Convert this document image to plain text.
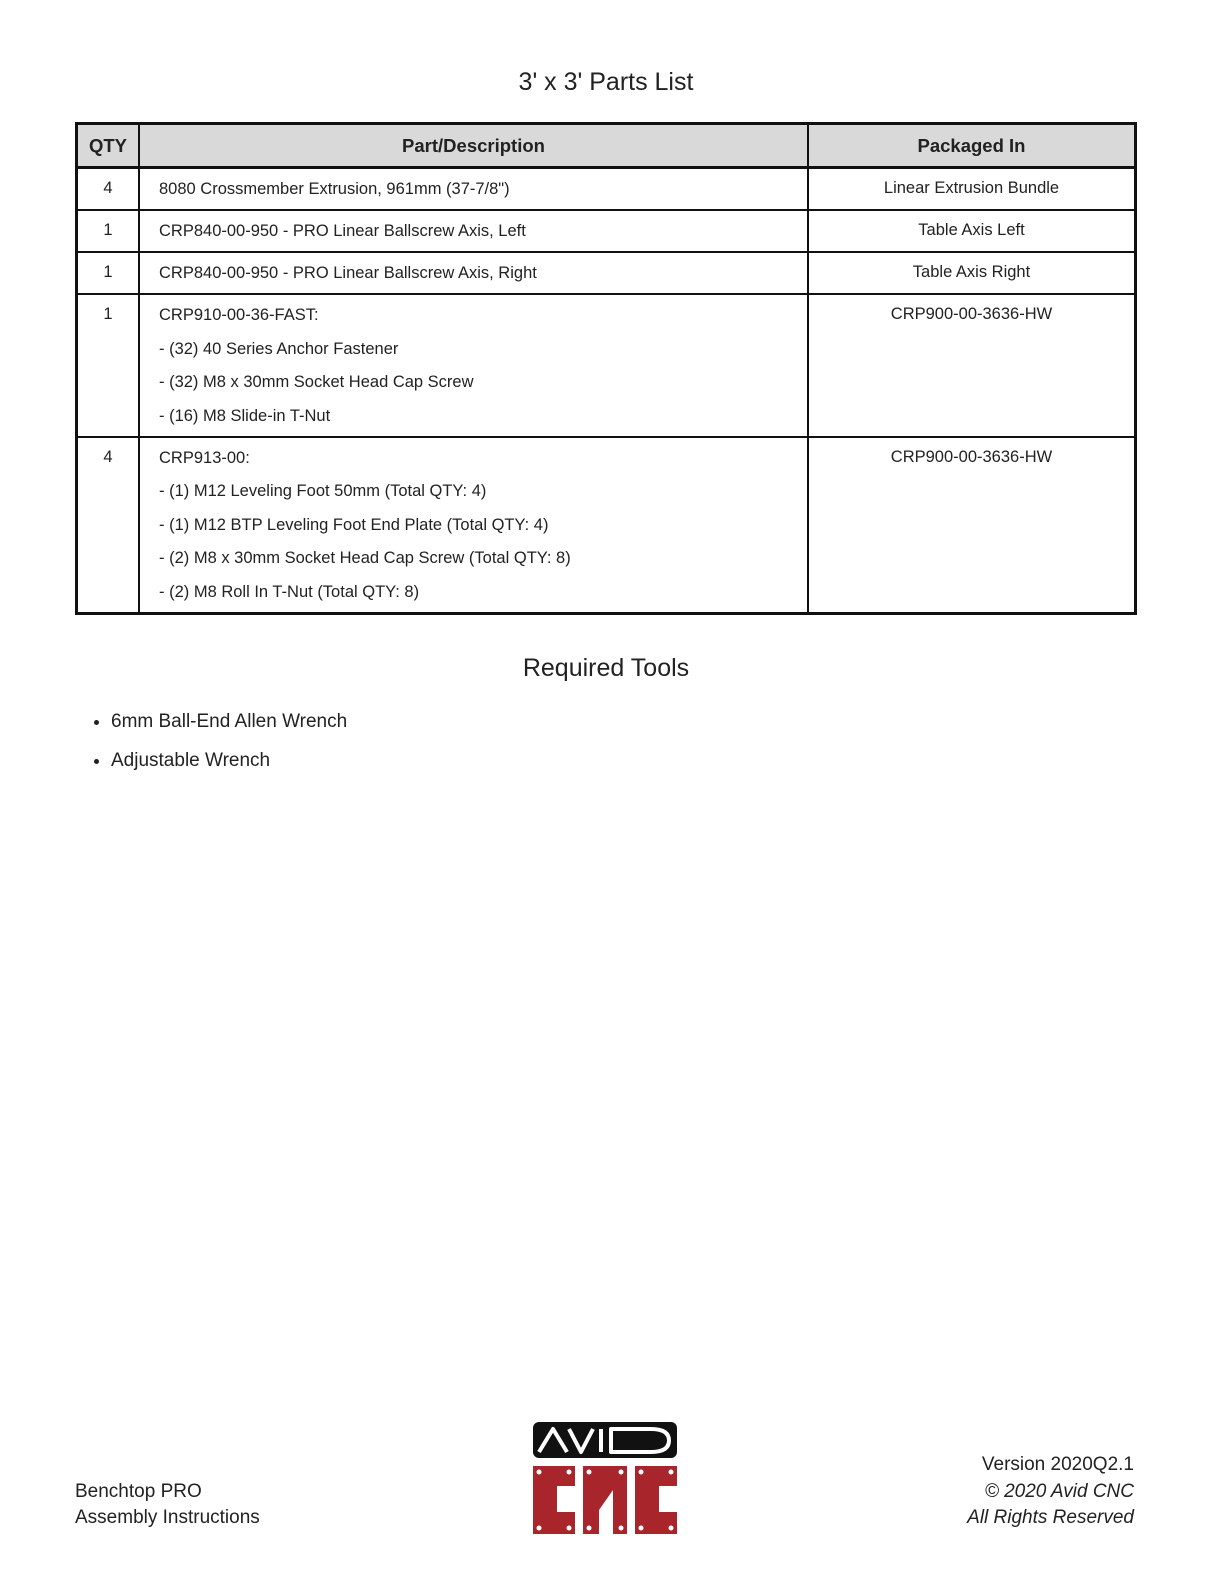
3' x 3' Parts List
QTY	Part/Description	Packaged In
4	8080 Crossmember Extrusion, 961mm (37-7/8")	Linear Extrusion Bundle
1	CRP840-00-950 - PRO Linear Ballscrew Axis, Left	Table Axis Left
1	CRP840-00-950 - PRO Linear Ballscrew Axis, Right	Table Axis Right
1	CRP910-00-36-FAST:
- (32) 40 Series Anchor Fastener
- (32) M8 x 30mm Socket Head Cap Screw
- (16) M8 Slide-in T-Nut	CRP900-00-3636-HW
4	CRP913-00:
- (1) M12 Leveling Foot 50mm (Total QTY: 4)
- (1) M12 BTP Leveling Foot End Plate (Total QTY: 4)
- (2) M8 x 30mm Socket Head Cap Screw (Total QTY: 8)
- (2) M8 Roll In T-Nut (Total QTY: 8)	CRP900-00-3636-HW
Required Tools
• 6mm Ball-End Allen Wrench
• Adjustable Wrench
Benchtop PRO
Assembly Instructions
Version 2020Q2.1
© 2020 Avid CNC
All Rights Reserved
